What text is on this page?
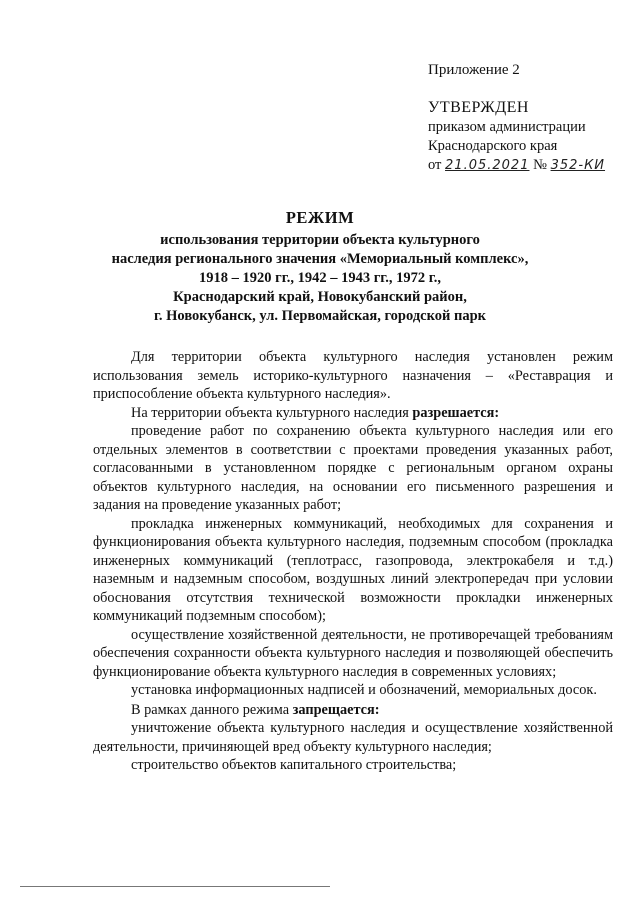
Приложение 2
УТВЕРЖДЕН
приказом администрации
Краснодарского края
от 21.05.2021 № 352-КИ
РЕЖИМ
использования территории объекта культурного
наследия регионального значения «Мемориальный комплекс»,
1918 – 1920 гг., 1942 – 1943 гг., 1972 г.,
Краснодарский край, Новокубанский район,
г. Новокубанск, ул. Первомайская, городской парк

Для территории объекта культурного наследия установлен режим использования земель историко-культурного назначения – «Реставрация и приспособление объекта культурного наследия».

На территории объекта культурного наследия разрешается:

проведение работ по сохранению объекта культурного наследия или его отдельных элементов в соответствии с проектами проведения указанных работ, согласованными в установленном порядке с региональным органом охраны объектов культурного наследия, на основании его письменного разрешения и задания на проведение указанных работ;

прокладка инженерных коммуникаций, необходимых для сохранения и функционирования объекта культурного наследия, подземным способом (прокладка инженерных коммуникаций (теплотрасс, газопровода, электрокабеля и т.д.) наземным и надземным способом, воздушных линий электропередач при условии обоснования отсутствия технической возможности прокладки инженерных коммуникаций подземным способом);

осуществление хозяйственной деятельности, не противоречащей требованиям обеспечения сохранности объекта культурного наследия и позволяющей обеспечить функционирование объекта культурного наследия в современных условиях;

установка информационных надписей и обозначений, мемориальных досок.

В рамках данного режима запрещается:

уничтожение объекта культурного наследия и осуществление хозяйственной деятельности, причиняющей вред объекту культурного наследия;

строительство объектов капитального строительства;
